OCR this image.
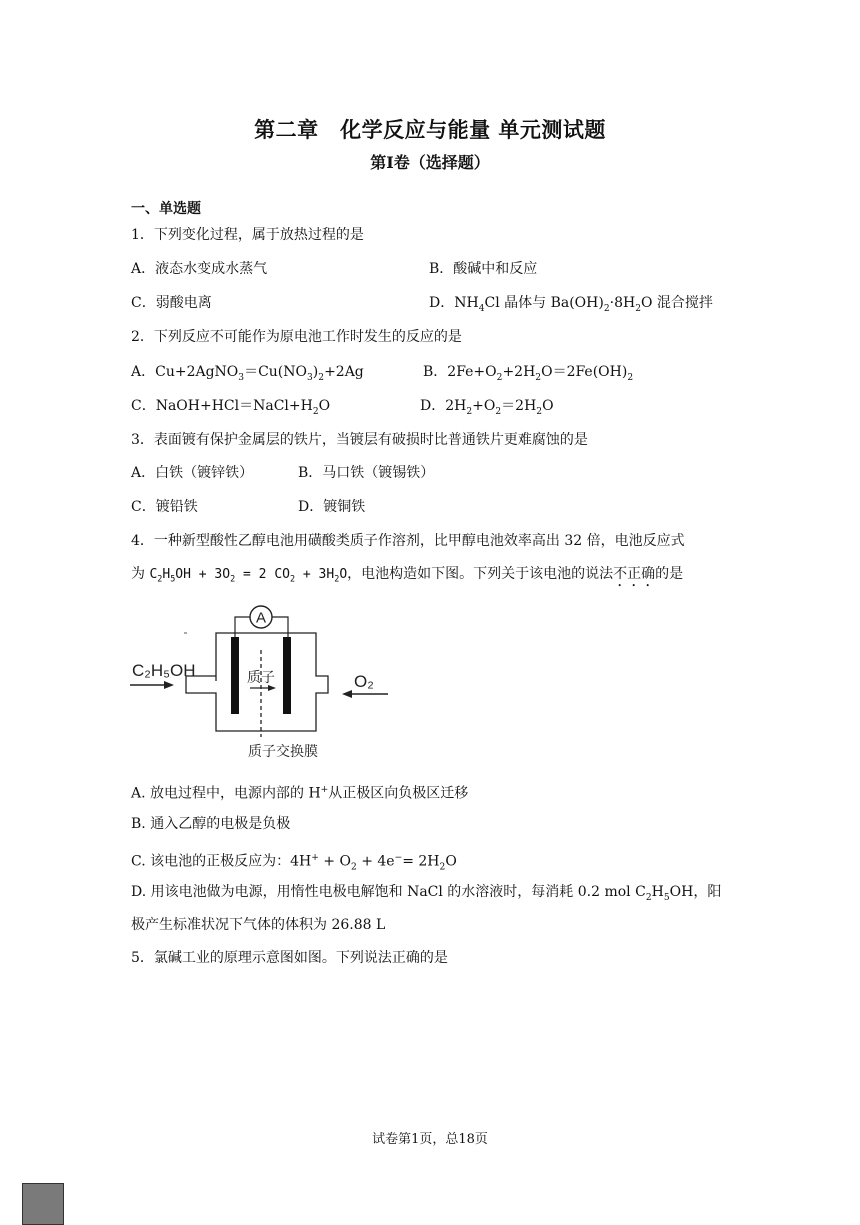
第二章　化学反应与能量 单元测试题
第Ⅰ卷（选择题）
一、单选题
1．下列变化过程，属于放热过程的是
A．液态水变成水蒸气	B．酸碱中和反应
C．弱酸电离	D．$NH_4Cl$ 晶体与 $Ba(OH)_2\cdot 8H_2O$ 混合搅拌
2．下列反应不可能作为原电池工作时发生的反应的是
A．$Cu+2AgNO_3=Cu(NO_3)_2+2Ag$	B．$2Fe+O_2+2H_2O=2Fe(OH)_2$
C．$NaOH+HCl=NaCl+H_2O$	D．$2H_2+O_2=2H_2O$
3．表面镀有保护金属层的铁片，当镀层有破损时比普通铁片更难腐蚀的是
A．白铁（镀锌铁）	B．马口铁（镀锡铁）
C．镀铅铁	D．镀铜铁
4．一种新型酸性乙醇电池用磺酸类质子作溶剂，比甲醇电池效率高出 32 倍，电池反应式
为 $C_2H_5OH + 3O_2 = 2$ $CO_2 + 3H_2O$，电池构造如下图。下列关于该电池的说法不正确的是
A
质子
C₂H₅OH
O₂
质子交换膜
A. 放电过程中，电源内部的 H+从正极区向负极区迁移
B. 通入乙醇的电极是负极
C. 该电池的正极反应为：$4H^+ + O_2 + 4e^-= 2H_2O$
D. 用该电池做为电源，用惰性电极电解饱和 NaCl 的水溶液时，每消耗 0.2 mol $C_2H_5OH$，阳
极产生标准状况下气体的体积为 26.88 L
5．氯碱工业的原理示意图如图。下列说法正确的是
试卷第1页，总18页
